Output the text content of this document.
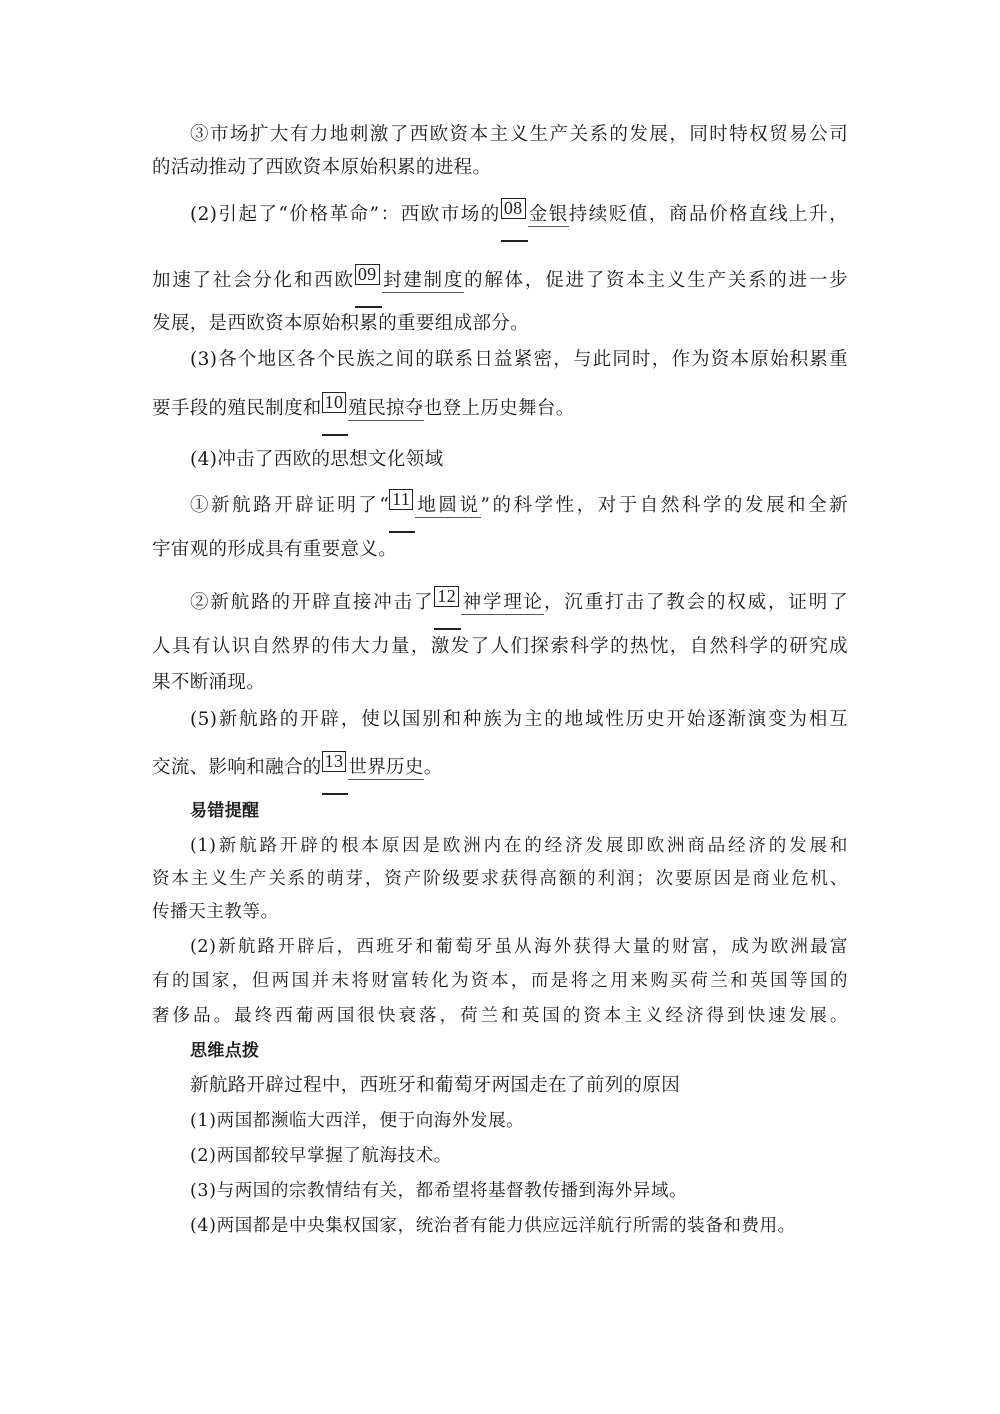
③市场扩大有力地刺激了西欧资本主义生产关系的发展，同时特权贸易公司
的活动推动了西欧资本原始积累的进程。
(2)引起了“价格革命”：西欧市场的 08 金银持续贬值，商品价格直线上升，
加速了社会分化和西欧 09 封建制度的解体，促进了资本主义生产关系的进一步
发展，是西欧资本原始积累的重要组成部分。
(3)各个地区各个民族之间的联系日益紧密，与此同时，作为资本原始积累重
要手段的殖民制度和 10 殖民掠夺也登上历史舞台。
(4)冲击了西欧的思想文化领域
①新航路开辟证明了“ 11 地圆说”的科学性，对于自然科学的发展和全新
宇宙观的形成具有重要意义。
②新航路的开辟直接冲击了 12 神学理论，沉重打击了教会的权威，证明了
人具有认识自然界的伟大力量，激发了人们探索科学的热忱，自然科学的研究成
果不断涌现。
(5)新航路的开辟，使以国别和种族为主的地域性历史开始逐渐演变为相互
交流、影响和融合的 13 世界历史。
易错提醒
(1)新航路开辟的根本原因是欧洲内在的经济发展即欧洲商品经济的发展和
资本主义生产关系的萌芽，资产阶级要求获得高额的利润；次要原因是商业危机、
传播天主教等。
(2)新航路开辟后，西班牙和葡萄牙虽从海外获得大量的财富，成为欧洲最富
有的国家，但两国并未将财富转化为资本，而是将之用来购买荷兰和英国等国的
奢侈品。最终西葡两国很快衰落，荷兰和英国的资本主义经济得到快速发展。
思维点拨
新航路开辟过程中，西班牙和葡萄牙两国走在了前列的原因
(1)两国都濒临大西洋，便于向海外发展。
(2)两国都较早掌握了航海技术。
(3)与两国的宗教情结有关，都希望将基督教传播到海外异域。
(4)两国都是中央集权国家，统治者有能力供应远洋航行所需的装备和费用。
